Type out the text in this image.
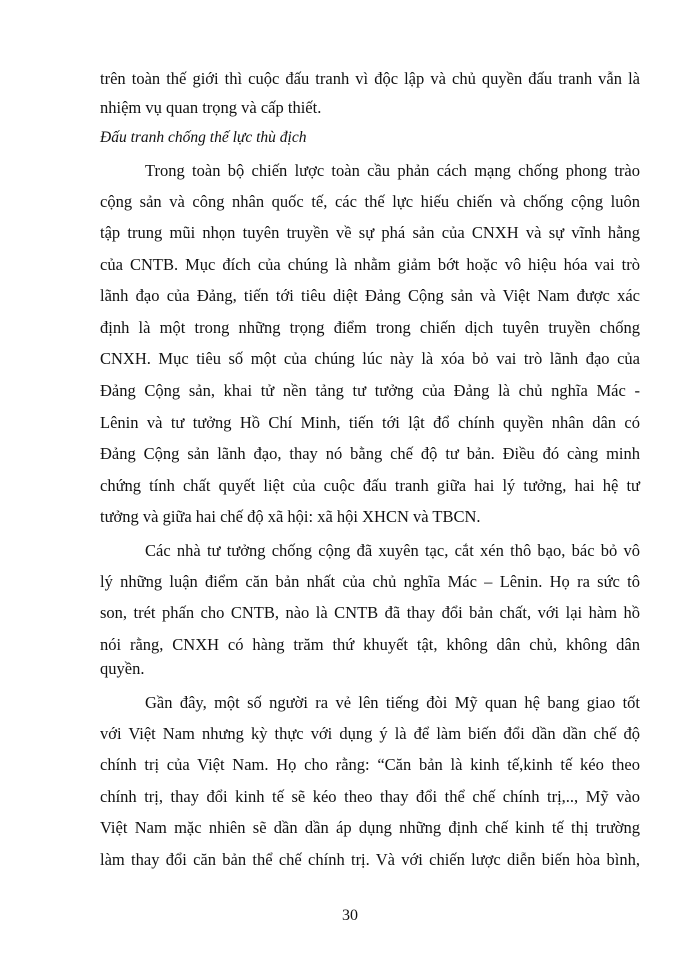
trên toàn thế giới thì cuộc đấu tranh vì độc lập và chủ quyền đấu tranh vẫn là
nhiệm vụ quan trọng và cấp thiết.
Đấu tranh chống thế lực thù địch
Trong toàn bộ chiến lược toàn cầu phản cách mạng chống phong trào
cộng sản và công nhân quốc tế, các thế lực hiếu chiến và chống cộng luôn
tập trung mũi nhọn tuyên truyền về sự phá sản của CNXH và sự vĩnh hằng
của CNTB. Mục đích của chúng là nhằm giảm bớt hoặc vô hiệu hóa vai trò
lãnh đạo của Đảng, tiến tới tiêu diệt Đảng Cộng sản và Việt Nam được xác
định là một trong những trọng điểm trong chiến dịch tuyên truyền chống
CNXH. Mục tiêu số một của chúng lúc này là xóa bỏ vai trò lãnh đạo của
Đảng Cộng sản, khai tử nền tảng tư tưởng của Đảng là chủ nghĩa Mác -
Lênin và tư tưởng Hồ Chí Minh, tiến tới lật đổ chính quyền nhân dân có
Đảng Cộng sản lãnh đạo, thay nó bằng chế độ tư bản. Điều đó càng minh
chứng tính chất quyết liệt của cuộc đấu tranh giữa hai lý tưởng, hai hệ tư
tưởng và giữa hai chế độ xã hội: xã hội XHCN và TBCN.
Các nhà tư tưởng chống cộng đã xuyên tạc, cắt xén thô bạo, bác bỏ vô
lý những luận điểm căn bản nhất của chủ nghĩa Mác – Lênin. Họ ra sức tô
son, trét phấn cho CNTB, nào là CNTB đã thay đổi bản chất, với lại hàm hồ
nói rằng, CNXH có hàng trăm thứ khuyết tật, không dân chủ, không dân
quyền.
Gần đây, một số người ra vẻ lên tiếng đòi Mỹ quan hệ bang giao tốt
với Việt Nam nhưng kỳ thực với dụng ý là để làm biến đổi dần dần chế độ
chính trị của Việt Nam. Họ cho rằng: “Căn bản là kinh tế,kinh tế kéo theo
chính trị, thay đổi kinh tế sẽ kéo theo thay đổi thể chế chính trị,.., Mỹ vào
Việt Nam mặc nhiên sẽ dần dần áp dụng những định chế kinh tế thị trường
làm thay đổi căn bản thể chế chính trị. Và với chiến lược diễn biến hòa bình,
30
